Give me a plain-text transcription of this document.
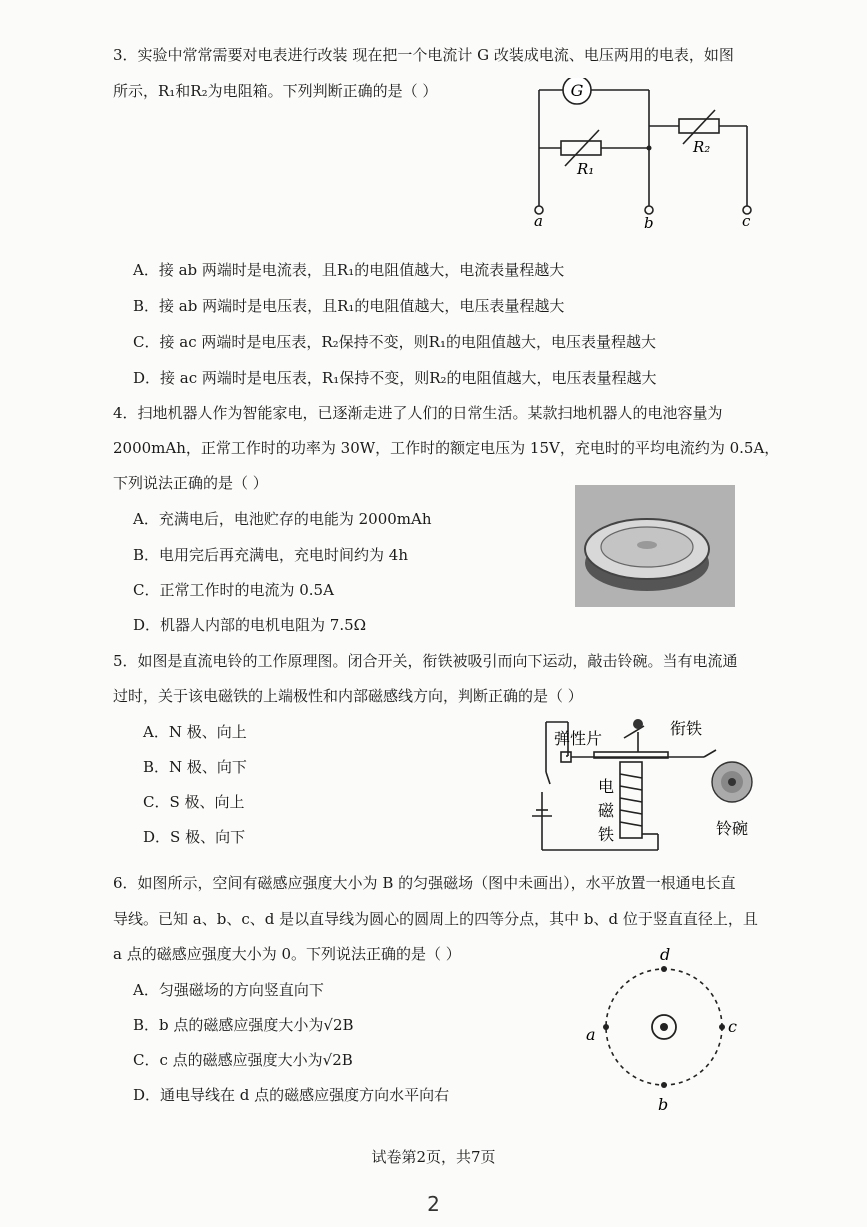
3．实验中常常需要对电表进行改装 现在把一个电流计 G 改装成电流、电压两用的电表，如图
所示，R₁和R₂为电阻箱。下列判断正确的是（ ）	G
R₁
R₂
a	b	c
A．接 ab 两端时是电流表，且R₁的电阻值越大，电流表量程越大
B．接 ab 两端时是电压表，且R₁的电阻值越大，电压表量程越大
C．接 ac 两端时是电压表，R₂保持不变，则R₁的电阻值越大，电压表量程越大
D．接 ac 两端时是电压表，R₁保持不变，则R₂的电阻值越大，电压表量程越大
4．扫地机器人作为智能家电，已逐渐走进了人们的日常生活。某款扫地机器人的电池容量为
2000mAh，正常工作时的功率为 30W，工作时的额定电压为 15V，充电时的平均电流约为 0.5A，
下列说法正确的是（ ）
A．充满电后，电池贮存的电能为 2000mAh
B．电用完后再充满电，充电时间约为 4h
C．正常工作时的电流为 0.5A
D．机器人内部的电机电阻为 7.5Ω
5．如图是直流电铃的工作原理图。闭合开关，衔铁被吸引而向下运动，敲击铃碗。当有电流通
过时，关于该电磁铁的上端极性和内部磁感线方向，判断正确的是（ ）
A．N 极、向上
B．N 极、向下
C．S 极、向上
D．S 极、向下
弹性片
衔铁
电
磁
铁	铃碗
6．如图所示，空间有磁感应强度大小为 B 的匀强磁场（图中未画出），水平放置一根通电长直
导线。已知 a、b、c、d 是以直导线为圆心的圆周上的四等分点，其中 b、d 位于竖直直径上，且
a 点的磁感应强度大小为 0。下列说法正确的是（ ）
A．匀强磁场的方向竖直向下
B．b 点的磁感应强度大小为√2B
C．c 点的磁感应强度大小为√2B
D．通电导线在 d 点的磁感应强度方向水平向右
a	c
d
b
试卷第2页，共7页
2
